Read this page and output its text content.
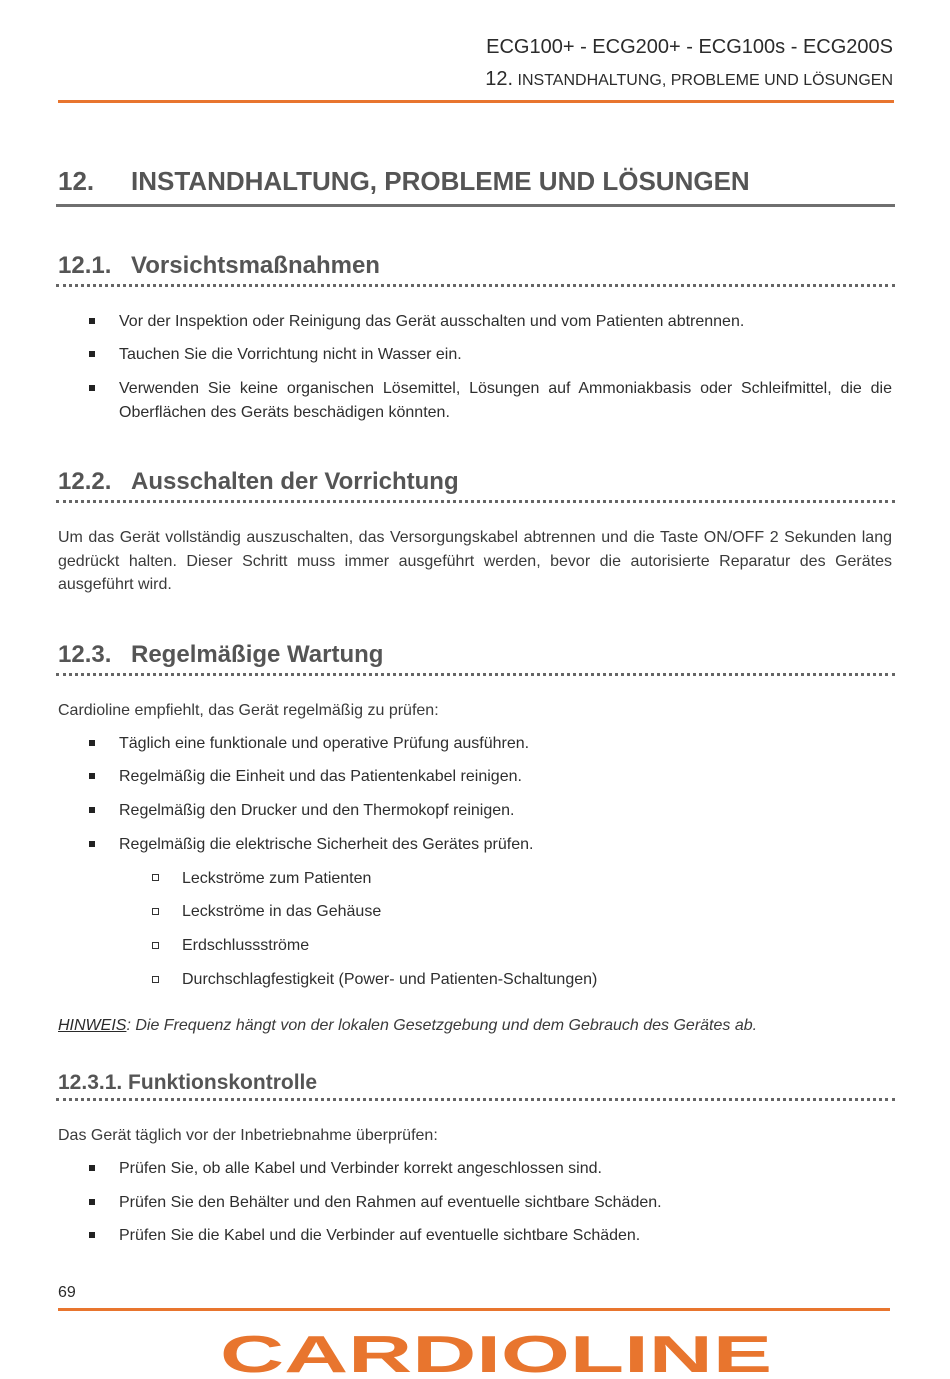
ECG100+ - ECG200+ - ECG100s - ECG200S
12. INSTANDHALTUNG, PROBLEME UND LÖSUNGEN
12. INSTANDHALTUNG, PROBLEME UND LÖSUNGEN
12.1. Vorsichtsmaßnahmen
Vor der Inspektion oder Reinigung das Gerät ausschalten und vom Patienten abtrennen.
Tauchen Sie die Vorrichtung nicht in Wasser ein.
Verwenden Sie keine organischen Lösemittel, Lösungen auf Ammoniakbasis oder Schleifmittel, die die Oberflächen des Geräts beschädigen könnten.
12.2. Ausschalten der Vorrichtung
Um das Gerät vollständig auszuschalten, das Versorgungskabel abtrennen und die Taste ON/OFF 2 Sekunden lang gedrückt halten. Dieser Schritt muss immer ausgeführt werden, bevor die autorisierte Reparatur des Gerätes ausgeführt wird.
12.3. Regelmäßige Wartung
Cardioline empfiehlt, das Gerät regelmäßig zu prüfen:
Täglich eine funktionale und operative Prüfung ausführen.
Regelmäßig die Einheit und das Patientenkabel reinigen.
Regelmäßig den Drucker und den Thermokopf reinigen.
Regelmäßig die elektrische Sicherheit des Gerätes prüfen.
Leckströme zum Patienten
Leckströme in das Gehäuse
Erdschlussströme
Durchschlagfestigkeit (Power- und Patienten-Schaltungen)
HINWEIS: Die Frequenz hängt von der lokalen Gesetzgebung und dem Gebrauch des Gerätes ab.
12.3.1. Funktionskontrolle
Das Gerät täglich vor der Inbetriebnahme überprüfen:
Prüfen Sie, ob alle Kabel und Verbinder korrekt angeschlossen sind.
Prüfen Sie den Behälter und den Rahmen auf eventuelle sichtbare Schäden.
Prüfen Sie die Kabel und die Verbinder auf eventuelle sichtbare Schäden.
69
CARDIOLINE
